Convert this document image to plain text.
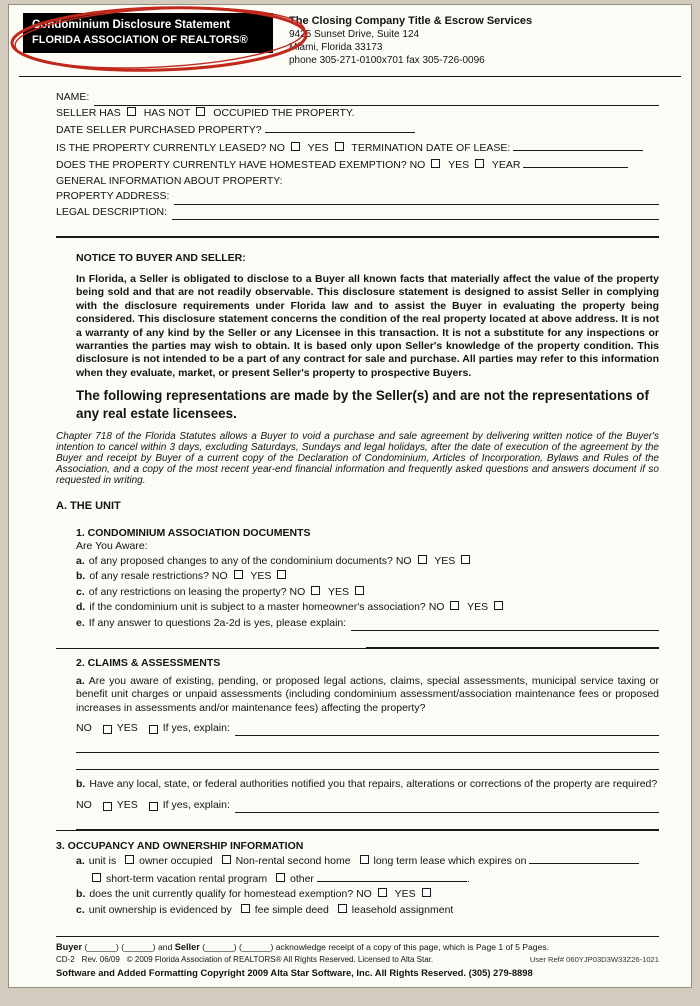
Condominium Disclosure Statement
FLORIDA ASSOCIATION OF REALTORS®
The Closing Company Title & Escrow Services
9425 Sunset Drive, Suite 124
Miami, Florida 33173
phone 305-271-0100x701 fax 305-726-0096
NAME:
SELLER HAS HAS NOT OCCUPIED THE PROPERTY.
DATE SELLER PURCHASED PROPERTY?
IS THE PROPERTY CURRENTLY LEASED? NO YES TERMINATION DATE OF LEASE:
DOES THE PROPERTY CURRENTLY HAVE HOMESTEAD EXEMPTION? NO YES YEAR
GENERAL INFORMATION ABOUT PROPERTY:
PROPERTY ADDRESS:
LEGAL DESCRIPTION:
NOTICE TO BUYER AND SELLER:
In Florida, a Seller is obligated to disclose to a Buyer all known facts that materially affect the value of the property being sold and that are not readily observable. This disclosure statement is designed to assist Seller in complying with the disclosure requirements under Florida law and to assist the Buyer in evaluating the property being considered. This disclosure statement concerns the condition of the real property located at above address. It is not a warranty of any kind by the Seller or any Licensee in this transaction. It is not a substitute for any inspections or warranties the parties may wish to obtain. It is based only upon Seller's knowledge of the property condition. This disclosure is not intended to be a part of any contract for sale and purchase. All parties may refer to this information when they evaluate, market, or present Seller's property to prospective Buyers.
The following representations are made by the Seller(s) and are not the representations of any real estate licensees.
Chapter 718 of the Florida Statutes allows a Buyer to void a purchase and sale agreement by delivering written notice of the Buyer's intention to cancel within 3 days, excluding Saturdays, Sundays and legal holidays, after the date of execution of the agreement by the Buyer and receipt by Buyer of a current copy of the Declaration of Condominium, Articles of Incorporation, Bylaws and Rules of the Association, and a copy of the most recent year-end financial information and frequently asked questions and answers document if so requested in writing.
A. THE UNIT
1. CONDOMINIUM ASSOCIATION DOCUMENTS
Are You Aware:
a. of any proposed changes to any of the condominium documents? NO YES
b. of any resale restrictions? NO YES
c. of any restrictions on leasing the property? NO YES
d. if the condominium unit is subject to a master homeowner's association? NO YES
e. If any answer to questions 2a-2d is yes, please explain:
2. CLAIMS & ASSESSMENTS
a. Are you aware of existing, pending, or proposed legal actions, claims, special assessments, municipal service taxing or benefit unit charges or unpaid assessments (including condominium assessment/association maintenance fees or proposed increases in assessments and/or maintenance fees) affecting the property?
NO YES If yes, explain:
b. Have any local, state, or federal authorities notified you that repairs, alterations or corrections of the property are required?
NO YES If yes, explain:
3. OCCUPANCY AND OWNERSHIP INFORMATION
a. unit is owner occupied Non-rental second home long term lease which expires on
short-term vacation rental program other	.
b. does the unit currently qualify for homestead exemption? NO YES
c. unit ownership is evidenced by fee simple deed leasehold assignment
Buyer (______) (______) and Seller (______) (______) acknowledge receipt of a copy of this page, which is Page 1 of 5 Pages.
CD-2 Rev. 06/09 © 2009 Florida Association of REALTORS® All Rights Reserved. Licensed to Alta Star.	User Ref# 060YJP03D3W33Z26-1021
Software and Added Formatting Copyright 2009 Alta Star Software, Inc. All Rights Reserved. (305) 279-8898
